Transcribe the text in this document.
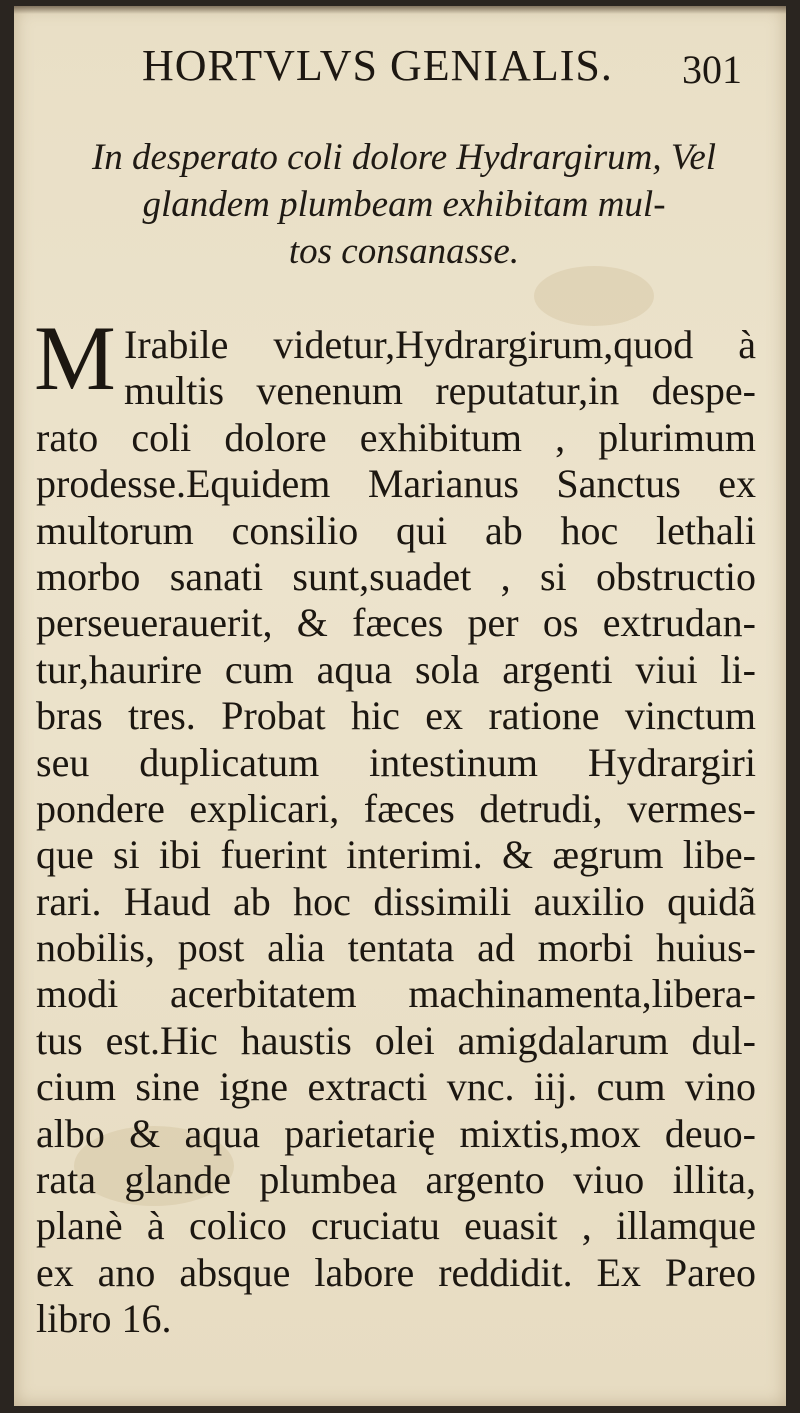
HORTVLVS GENIALIS. 301
In desperato coli dolore Hydrargirum, Vel
glandem plumbeam exhibitam mul-
tos consanasse.
M Irabile videtur,Hydrargirum,quod à
multis venenum reputatur,in despe-
rato coli dolore exhibitum , plurimum
prodesse.Equidem Marianus Sanctus ex
multorum consilio qui ab hoc lethali
morbo sanati sunt,suadet , si obstructio
perseuerauerit, & fæces per os extrudan-
tur,haurire cum aqua sola argenti viui li-
bras tres. Probat hic ex ratione vinctum
seu duplicatum intestinum Hydrargiri
pondere explicari, fæces detrudi, vermes-
que si ibi fuerint interimi. & ægrum libe-
rari. Haud ab hoc dissimili auxilio quidã
nobilis, post alia tentata ad morbi huius-
modi acerbitatem machinamenta,libera-
tus est.Hic haustis olei amigdalarum dul-
cium sine igne extracti vnc. iij. cum vino
albo & aqua parietarię mixtis,mox deuo-
rata glande plumbea argento viuo illita,
planè à colico cruciatu euasit , illamque
ex ano absque labore reddidit. Ex Pareo
libro 16.
